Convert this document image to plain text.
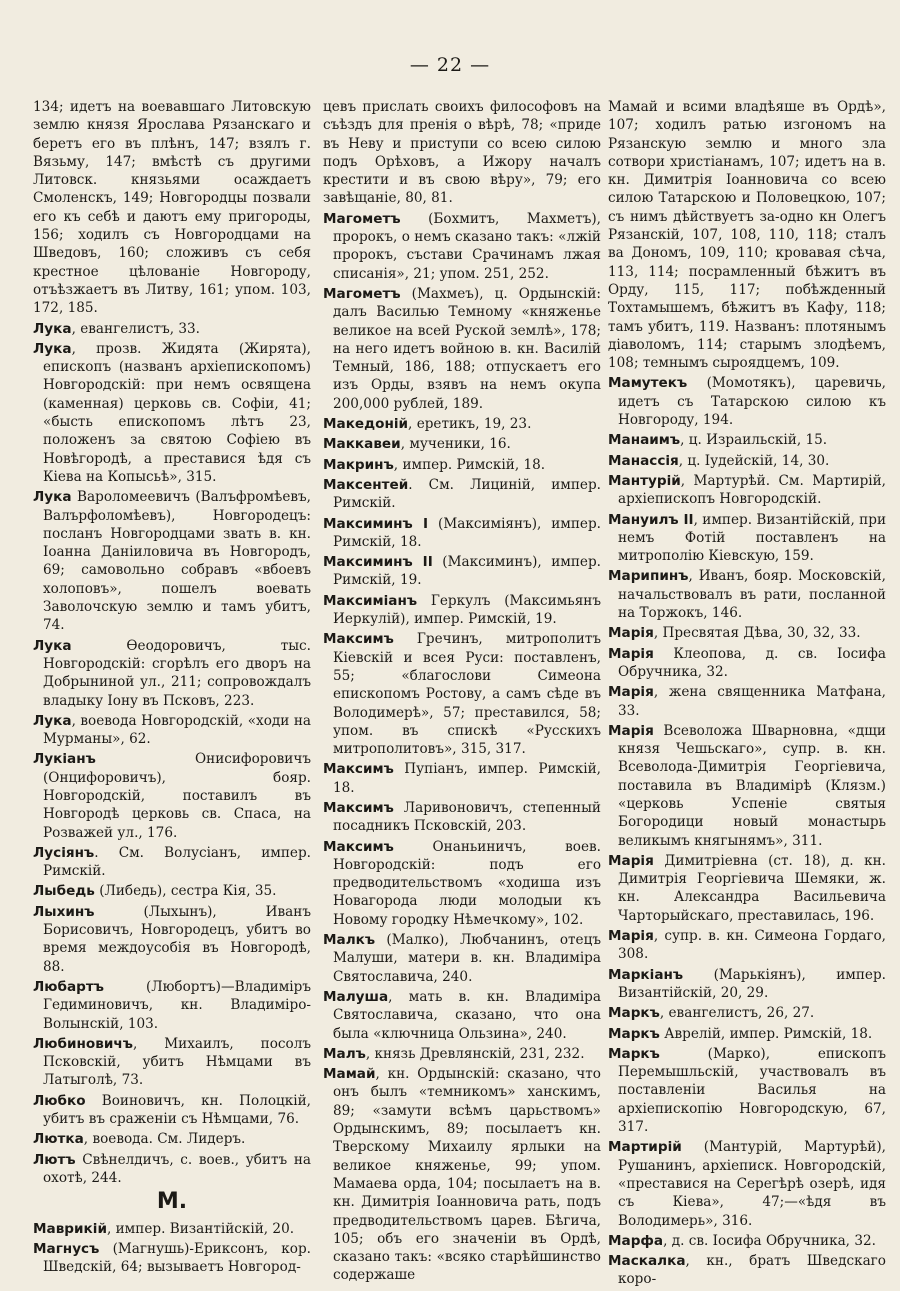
— 22 —

134; идетъ на воевавшаго Литовскую землю князя Ярослава Рязанскаго и беретъ его въ плѣнъ, 147; взялъ г. Вязьму, 147; вмѣстѣ съ другими Литовск. князьями осаждаетъ Смоленскъ, 149; Новгородцы позвали его къ себѣ и даютъ ему пригороды, 156; ходилъ съ Новгородцами на Шведовъ, 160; сложивъ съ себя крестное цѣлованіе Новгороду, отъѣзжаетъ въ Литву, 161; упом. 103, 172, 185.

Лука, евангелистъ, 33.

Лука, прозв. Жидята (Жирята), епископъ (названъ архіепископомъ) Новгородскій: при немъ освящена (каменная) церковь св. Софіи, 41; «бысть епископомъ лѣтъ 23, положенъ за святою Софіею въ Новѣгородѣ, а преставися ѣдя съ Кіева на Копысьѣ», 315.

Лука Вароломеевичъ (Валъфромѣевъ, Валърфоломѣевъ), Новгородецъ: посланъ Новгородцами звать в. кн. Іоанна Даніиловича въ Новгородъ, 69; самовольно собравъ «вбоевъ холоповъ», пошелъ воевать Заволочскую землю и тамъ убитъ, 74.

Лука Ѳеодоровичъ, тыс. Новгородскій: сгорѣлъ его дворъ на Добрыниной ул., 211; сопровождалъ владыку Іону въ Псковъ, 223.

Лука, воевода Новгородскій, «ходи на Мурманы», 62.

Лукіанъ Онисифоровичъ (Онцифоровичъ), бояр. Новгородскій, поставилъ въ Новгородѣ церковь св. Спаса, на Розважей ул., 176.

Лусіянъ. См. Волусіанъ, импер. Римскій.

Лыбедь (Либедь), сестра Кія, 35.

Лыхинъ (Лыхынъ), Иванъ Борисовичъ, Новгородецъ, убитъ во время междоусобія въ Новгородѣ, 88.

Любартъ (Любортъ)—Владиміръ Гедиминовичъ, кн. Владиміро-Волынскій, 103.

Любиновичъ, Михаилъ, посолъ Псковскій, убитъ Нѣмцами въ Латыголѣ, 73.

Любко Воиновичъ, кн. Полоцкій, убитъ въ сраженіи съ Нѣмцами, 76.

Лютка, воевода. См. Лидеръ.

Лютъ Свѣнелдичъ, с. воев., убитъ на охотѣ, 244.

М.

Маврикій, импер. Византійскій, 20.

Магнусъ (Магнушь)-Ериксонъ, кор. Шведскій, 64; вызываетъ Новгород-

цевъ прислать своихъ философовъ на съѣздъ для пренія о вѣрѣ, 78; «приде въ Неву и приступи со всею силою подъ Орѣховъ, а Ижору началъ крестити и въ свою вѣру», 79; его завѣщаніе, 80, 81.

Магометъ (Бохмитъ, Махметъ), пророкъ, о немъ сказано такъ: «лжій пророкъ, състави Срачинамъ лжая списанія», 21; упом. 251, 252.

Магометъ (Махмеъ), ц. Ордынскій: далъ Василью Темному «княженье великое на всей Руской землѣ», 178; на него идетъ войною в. кн. Василій Темный, 186, 188; отпускаетъ его изъ Орды, взявъ на немъ окупа 200,000 рублей, 189.

Македоній, еретикъ, 19, 23.

Маккавеи, мученики, 16.

Макринъ, импер. Римскій, 18.

Максентей. См. Лициній, импер. Римскій.

Максиминъ I (Максиміянъ), импер. Римскій, 18.

Максиминъ II (Максиминъ), импер. Римскій, 19.

Максиміанъ Геркулъ (Максимьянъ Иеркулій), импер. Римскій, 19.

Максимъ Гречинъ, митрополитъ Кіевскій и всея Руси: поставленъ, 55; «благослови Симеона епископомъ Ростову, а самъ сѣде въ Володимерѣ», 57; преставился, 58; упом. въ спискѣ «Русскихъ митрополитовъ», 315, 317.

Максимъ Пупіанъ, импер. Римскій, 18.

Максимъ Ларивоновичъ, степенный посадникъ Псковскій, 203.

Максимъ Онаньиничъ, воев. Новгородскій: подъ его предводительствомъ «ходиша изъ Новагорода люди молодыи къ Новому городку Нѣмечкому», 102.

Малкъ (Малко), Любчанинъ, отецъ Малуши, матери в. кн. Владиміра Святославича, 240.

Малуша, мать в. кн. Владиміра Святославича, сказано, что она была «ключница Ользина», 240.

Малъ, князь Древлянскій, 231, 232.

Мамай, кн. Ордынскій: сказано, что онъ былъ «темникомъ» ханскимъ, 89; «замути всѣмъ царьствомъ» Ордынскимъ, 89; посылаетъ кн. Тверскому Михаилу ярлыки на великое княженье, 99; упом. Мамаева орда, 104; посылаетъ на в. кн. Димитрія Іоанновича рать, подъ предводительствомъ царев. Бѣгича, 105; объ его значеніи въ Ордѣ, сказано такъ: «всяко старѣйшинство содержаше

Мамай и всими владѣяше въ Ордѣ», 107; ходилъ ратью изгономъ на Рязанскую землю и много зла сотвори христіанамъ, 107; идетъ на в. кн. Димитрія Іоанновича со всею силою Татарскою и Половецкою, 107; съ нимъ дѣйствуетъ за-одно кн Олегъ Рязанскій, 107, 108, 110, 118; сталъ ва Дономъ, 109, 110; кровавая сѣча, 113, 114; посрамленный бѣжитъ въ Орду, 115, 117; побѣжденный Тохтамышемъ, бѣжитъ въ Кафу, 118; тамъ убитъ, 119. Названъ: плотянымъ діаволомъ, 114; старымъ злодѣемъ, 108; темнымъ сыроядцемъ, 109.

Мамутекъ (Момотякъ), царевичь, идетъ съ Татарскою силою къ Новгороду, 194.

Манаимъ, ц. Израильскій, 15.

Манассія, ц. Іудейскій, 14, 30.

Мантурій, Мартурѣй. См. Мартирій, архіепископъ Новгородскій.

Мануилъ II, импер. Византійскій, при немъ Фотій поставленъ на митрополію Кіевскую, 159.

Марипинъ, Иванъ, бояр. Московскій, начальствовалъ въ рати, посланной на Торжокъ, 146.

Марія, Пресвятая Дѣва, 30, 32, 33.

Марія Клеопова, д. св. Іосифа Обручника, 32.

Марія, жена священника Матфана, 33.

Марія Всеволожа Шварновна, «дщи князя Чешьскаго», супр. в. кн. Всеволода-Димитрія Георгіевича, поставила въ Владимірѣ (Клязм.) «церковь Успеніе святыя Богородици новый монастырь великымъ княгынямъ», 311.

Марія Димитріевна (ст. 18), д. кн. Димитрія Георгіевича Шемяки, ж. кн. Александра Васильевича Чарторыйскаго, преставилась, 196.

Марія, супр. в. кн. Симеона Гордаго, 308.

Маркіанъ (Марькіянъ), импер. Византійскій, 20, 29.

Маркъ, евангелистъ, 26, 27.

Маркъ Аврелій, импер. Римскій, 18.

Маркъ (Марко), епископъ Перемышльскій, участвовалъ въ поставленіи Василья на архіепископію Новгородскую, 67, 317.

Мартирій (Мантурій, Мартурѣй), Рушанинъ, архіеписк. Новгородскій, «преставися на Серегѣрѣ озерѣ, идя съ Кіева», 47;—«ѣдя въ Володимерь», 316.

Марфа, д. св. Іосифа Обручника, 32.

Маскалка, кн., братъ Шведскаго коро-
